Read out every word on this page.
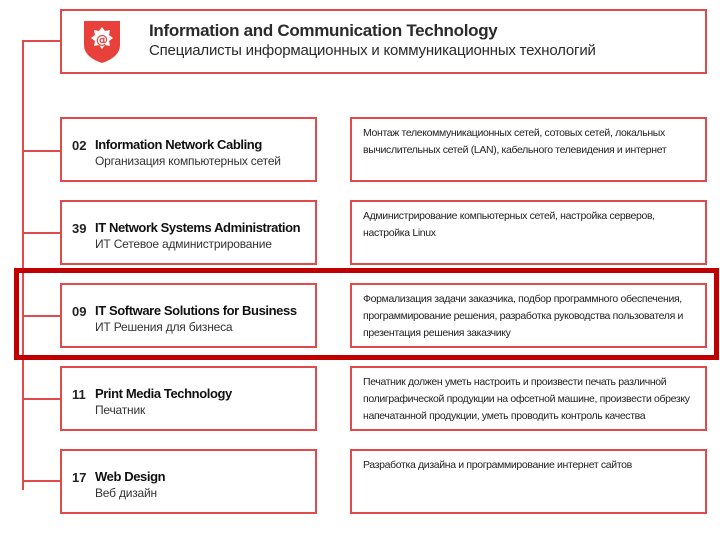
@ Information and Communication Technology
Специалисты информационных и коммуникационных технологий
02 Information Network Cabling
Организация компьютерных сетей
Монтаж телекоммуникационных сетей, сотовых сетей, локальных вычислительных сетей (LAN), кабельного телевидения и интернет
39 IT Network Systems Administration
ИТ Сетевое администрирование
Администрирование компьютерных сетей, настройка серверов, настройка Linux
09 IT Software Solutions for Business
ИТ Решения для бизнеса
Формализация задачи заказчика, подбор программного обеспечения, программирование решения, разработка руководства пользователя и презентация решения заказчику
11 Print Media Technology
Печатник
Печатник должен уметь настроить и произвести печать различной полиграфической продукции на офсетной машине, произвести обрезку напечатанной продукции, уметь проводить контроль качества
17 Web Design
Веб дизайн
Разработка дизайна и программирование интернет сайтов
